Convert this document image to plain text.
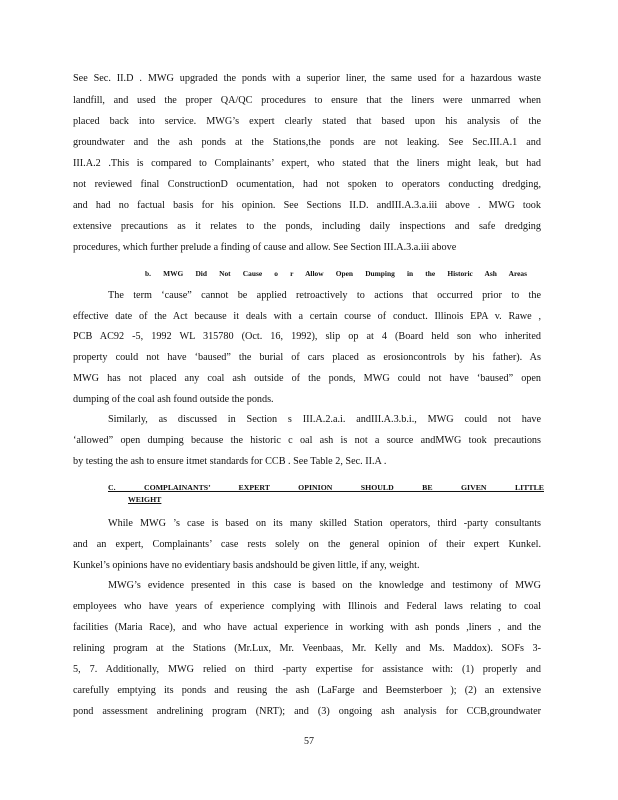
See Sec. II.D . MWG upgraded the ponds with a superior liner, the same used for a hazardous waste
landfill, and used the proper QA/QC procedures to ensure that the liners were unmarred when
placed back into service. MWG’s expert clearly stated that based upon his analysis of the
groundwater and the ash ponds at the Stations,the ponds are not leaking. See Sec.III.A.1 and
III.A.2 .This is compared to Complainants’ expert, who stated that the liners might leak, but had
not reviewed final ConstructionD ocumentation, had not spoken to operators conducting dredging,
and had no factual basis for his opinion. See Sections II.D. andIII.A.3.a.iii above . MWG took
extensive precautions as it relates to the ponds, including daily inspections and safe dredging
procedures, which further prelude a finding of cause and allow. See Section III.A.3.a.iii above
b. MWG Did Not Cause o r Allow Open Dumping in the Historic Ash Areas
The term ‘cause” cannot be applied retroactively to actions that occurred prior to the
effective date of the Act because it deals with a certain course of conduct. Illinois EPA v. Rawe ,
PCB AC92 -5, 1992 WL 315780 (Oct. 16, 1992), slip op at 4 (Board held son who inherited
property could not have ‘baused” the burial of cars placed as erosioncontrols by his father). As
MWG has not placed any coal ash outside of the ponds, MWG could not have ‘baused” open
dumping of the coal ash found outside the ponds.
Similarly, as discussed in Section s III.A.2.a.i. andIII.A.3.b.i., MWG could not have
‘allowed” open dumping because the historic c oal ash is not a source andMWG took precautions
by testing the ash to ensure itmet standards for CCB . See Table 2, Sec. II.A .
C. COMPLAINANTS’ EXPERT OPINION SHOULD BE GIVEN LITTLE
WEIGHT
While MWG ’s case is based on its many skilled Station operators, third -party consultants
and an expert, Complainants’ case rests solely on the general opinion of their expert Kunkel.
Kunkel’s opinions have no evidentiary basis andshould be given little, if any, weight.
MWG’s evidence presented in this case is based on the knowledge and testimony of MWG
employees who have years of experience complying with Illinois and Federal laws relating to coal
facilities (Maria Race), and who have actual experience in working with ash ponds ,liners , and the
relining program at the Stations (Mr.Lux, Mr. Veenbaas, Mr. Kelly and Ms. Maddox). SOFs 3-
5, 7. Additionally, MWG relied on third -party expertise for assistance with: (1) properly and
carefully emptying its ponds and reusing the ash (LaFarge and Beemsterboer ); (2) an extensive
pond assessment andrelining program (NRT); and (3) ongoing ash analysis for CCB,groundwater
57
